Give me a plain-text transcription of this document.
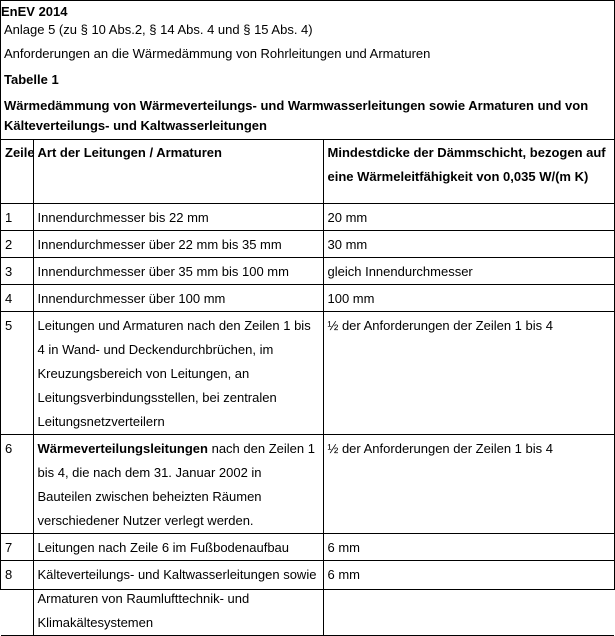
EnEV 2014
Anlage 5 (zu § 10 Abs.2, § 14 Abs. 4 und § 15 Abs. 4)
Anforderungen an die Wärmedämmung von Rohrleitungen und Armaturen
Tabelle 1
Wärmedämmung von Wärmeverteilungs- und Warmwasserleitungen sowie Armaturen und von Kälteverteilungs- und Kaltwasserleitungen
Zeile	Art der Leitungen / Armaturen	Mindestdicke der Dämmschicht, bezogen auf eine Wärmeleitfähigkeit von 0,035 W/(m K)
1	Innendurchmesser bis 22 mm	20 mm
2	Innendurchmesser über 22 mm bis 35 mm	30 mm
3	Innendurchmesser über 35 mm bis 100 mm	gleich Innendurchmesser
4	Innendurchmesser über 100 mm	100 mm
5	Leitungen und Armaturen nach den Zeilen 1 bis 4 in Wand- und Deckendurchbrüchen, im Kreuzungsbereich von Leitungen, an Leitungsverbindungsstellen, bei zentralen Leitungsnetzverteilern	½ der Anforderungen der Zeilen 1 bis 4
6	Wärmeverteilungsleitungen nach den Zeilen 1 bis 4, die nach dem 31. Januar 2002 in Bauteilen zwischen beheizten Räumen verschiedener Nutzer verlegt werden.	½ der Anforderungen der Zeilen 1 bis 4
7	Leitungen nach Zeile 6 im Fußbodenaufbau	6 mm
8	Kälteverteilungs- und Kaltwasserleitungen sowie Armaturen von Raumlufttechnik- und Klimakältesystemen	6 mm
